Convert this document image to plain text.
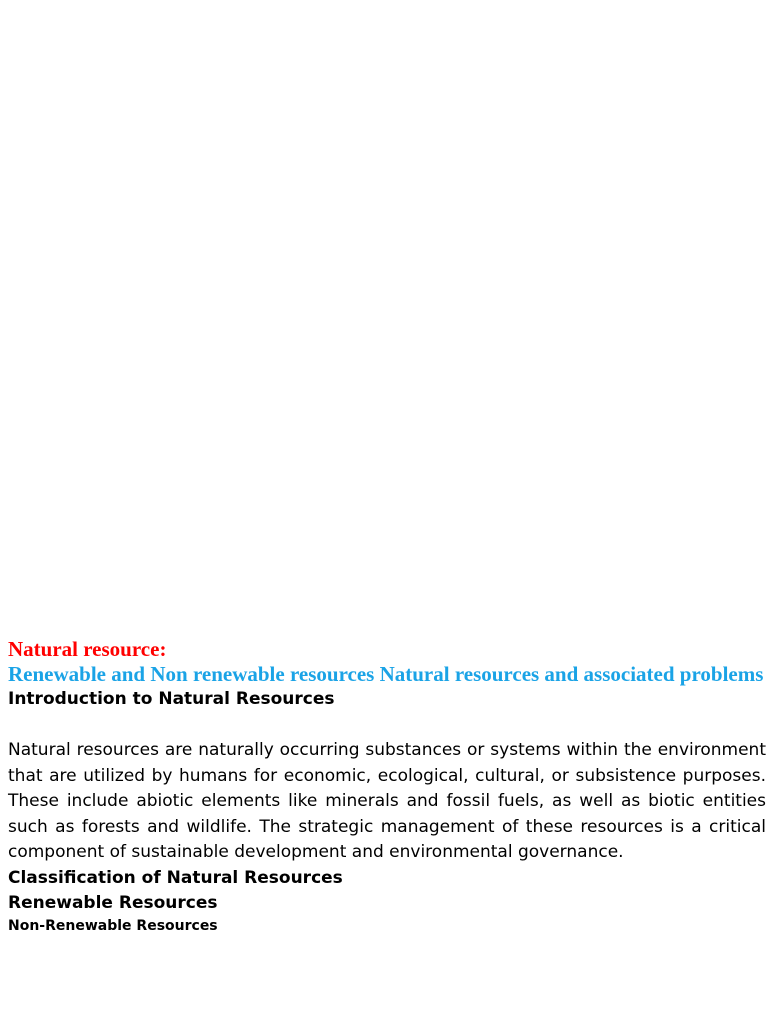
Natural resource:
Renewable and Non renewable resources Natural resources and associated problems
Introduction to Natural Resources

Natural resources are naturally occurring substances or systems within the environment that are utilized by humans for economic, ecological, cultural, or subsistence purposes. These include abiotic elements like minerals and fossil fuels, as well as biotic entities such as forests and wildlife. The strategic management of these resources is a critical component of sustainable development and environmental governance.

Classification of Natural Resources
Renewable Resources
Non-Renewable Resources
